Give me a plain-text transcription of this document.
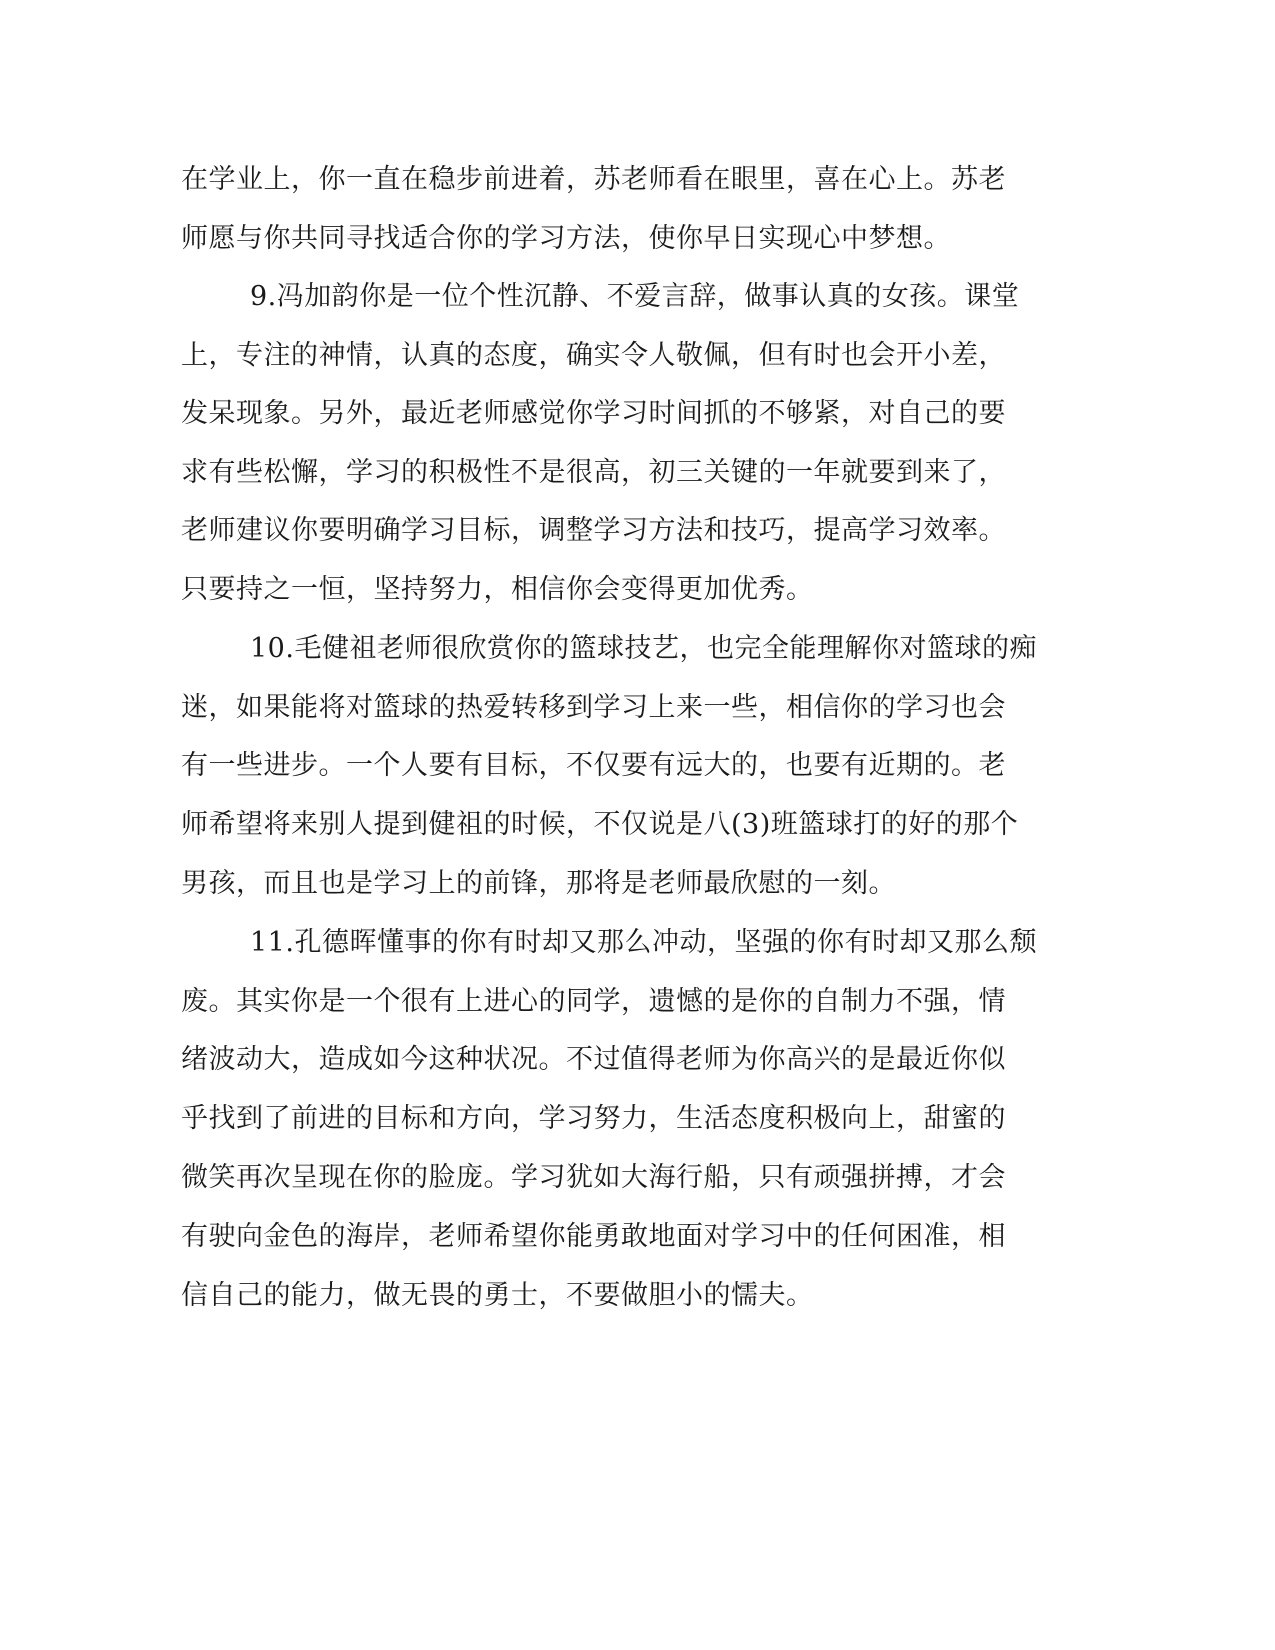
在学业上，你一直在稳步前进着，苏老师看在眼里，喜在心上。苏老
师愿与你共同寻找适合你的学习方法，使你早日实现心中梦想。
9.冯加韵你是一位个性沉静、不爱言辞，做事认真的女孩。课堂
上，专注的神情，认真的态度，确实令人敬佩，但有时也会开小差，
发呆现象。另外，最近老师感觉你学习时间抓的不够紧，对自己的要
求有些松懈，学习的积极性不是很高，初三关键的一年就要到来了，
老师建议你要明确学习目标，调整学习方法和技巧，提高学习效率。
只要持之一恒，坚持努力，相信你会变得更加优秀。
10.毛健祖老师很欣赏你的篮球技艺，也完全能理解你对篮球的痴
迷，如果能将对篮球的热爱转移到学习上来一些，相信你的学习也会
有一些进步。一个人要有目标，不仅要有远大的，也要有近期的。老
师希望将来别人提到健祖的时候，不仅说是八(3)班篮球打的好的那个
男孩，而且也是学习上的前锋，那将是老师最欣慰的一刻。
11.孔德晖懂事的你有时却又那么冲动，坚强的你有时却又那么颓
废。其实你是一个很有上进心的同学，遗憾的是你的自制力不强，情
绪波动大，造成如今这种状况。不过值得老师为你高兴的是最近你似
乎找到了前进的目标和方向，学习努力，生活态度积极向上，甜蜜的
微笑再次呈现在你的脸庞。学习犹如大海行船，只有顽强拼搏，才会
有驶向金色的海岸，老师希望你能勇敢地面对学习中的任何困准，相
信自己的能力，做无畏的勇士，不要做胆小的懦夫。
